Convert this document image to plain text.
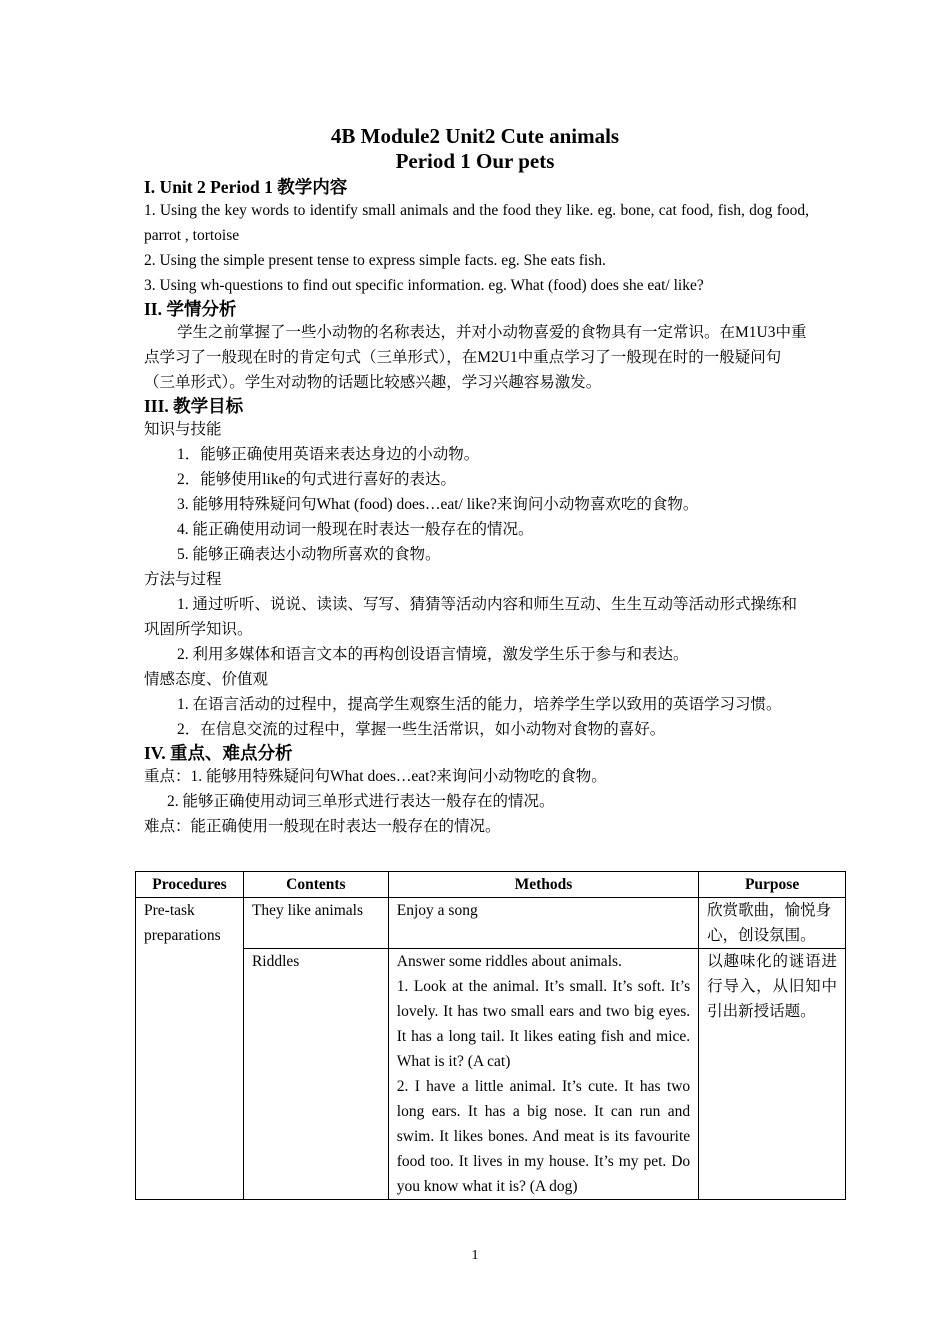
4B Module2 Unit2 Cute animals
Period 1 Our pets

I. Unit 2 Period 1 教学内容

1. Using the key words to identify small animals and the food they like. eg. bone, cat food, fish, dog food, parrot , tortoise

2. Using the simple present tense to express simple facts. eg. She eats fish.

3. Using wh-questions to find out specific information. eg. What (food) does she eat/ like?

II. 学情分析

学生之前掌握了一些小动物的名称表达，并对小动物喜爱的食物具有一定常识。在M1U3中重点学习了一般现在时的肯定句式（三单形式），在M2U1中重点学习了一般现在时的一般疑问句（三单形式）。学生对动物的话题比较感兴趣，学习兴趣容易激发。

III. 教学目标

知识与技能

1．能够正确使用英语来表达身边的小动物。

2．能够使用like的句式进行喜好的表达。

3. 能够用特殊疑问句What (food) does…eat/ like?来询问小动物喜欢吃的食物。

4. 能正确使用动词一般现在时表达一般存在的情况。

5. 能够正确表达小动物所喜欢的食物。

方法与过程

1. 通过听听、说说、读读、写写、猜猜等活动内容和师生互动、生生互动等活动形式操练和巩固所学知识。

2. 利用多媒体和语言文本的再构创设语言情境，激发学生乐于参与和表达。

情感态度、价值观

1. 在语言活动的过程中，提高学生观察生活的能力，培养学生学以致用的英语学习习惯。

2．在信息交流的过程中，掌握一些生活常识，如小动物对食物的喜好。

IV. 重点、难点分析

重点：1. 能够用特殊疑问句What does…eat?来询问小动物吃的食物。

2. 能够正确使用动词三单形式进行表达一般存在的情况。

难点：能正确使用一般现在时表达一般存在的情况。

Procedures	Contents	Methods	Purpose
Pre-task preparations	They like animals	Enjoy a song	欣赏歌曲，愉悦身心，创设氛围。
	Riddles	Answer some riddles about animals.
1. Look at the animal. It’s small. It’s soft. It’s lovely. It has two small ears and two big eyes. It has a long tail. It likes eating fish and mice. What is it? (A cat)
2. I have a little animal. It’s cute. It has two long ears. It has a big nose. It can run and swim. It likes bones. And meat is its favourite food too. It lives in my house. It’s my pet. Do you know what it is? (A dog)	以趣味化的谜语进行导入，从旧知中引出新授话题。
1
